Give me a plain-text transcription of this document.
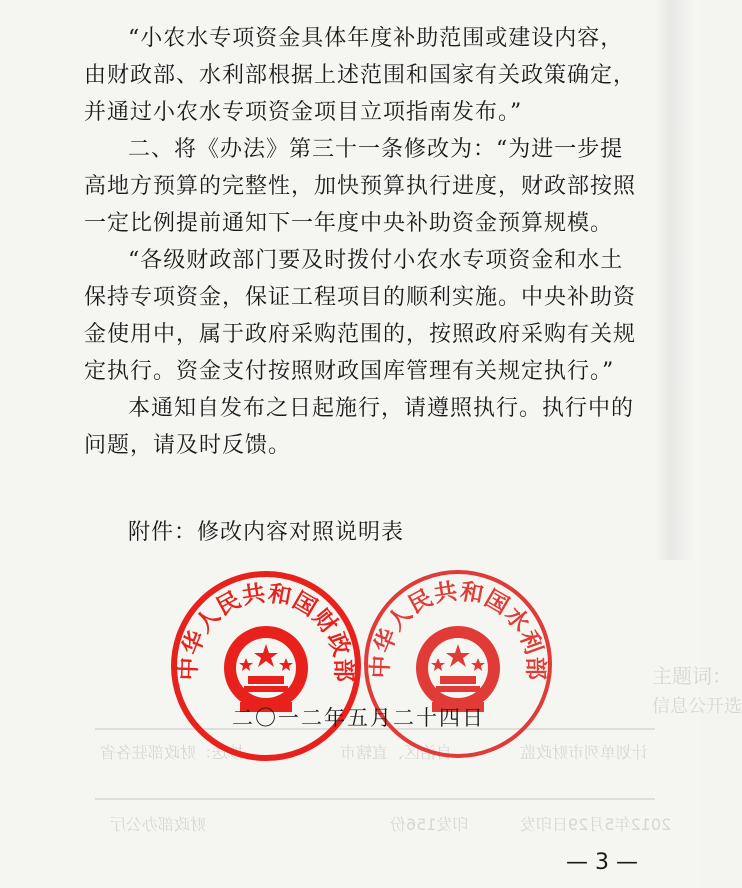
主题词：
信息公开选
抄送：财政部驻各省	自治区、直辖市	计划单列市财政监
财政部办公厅	印发156份	2012年5月29日印发

“小农水专项资金具体年度补助范围或建设内容，由财政部、水利部根据上述范围和国家有关政策确定，并通过小农水专项资金项目立项指南发布。”

二、将《办法》第三十一条修改为：“为进一步提高地方预算的完整性，加快预算执行进度，财政部按照一定比例提前通知下一年度中央补助资金预算规模。

“各级财政部门要及时拨付小农水专项资金和水土保持专项资金，保证工程项目的顺利实施。中央补助资金使用中，属于政府采购范围的，按照政府采购有关规定执行。资金支付按照财政国库管理有关规定执行。”

本通知自发布之日起施行，请遵照执行。执行中的问题，请及时反馈。

附件：修改内容对照说明表

中华人民共和国财政部 中华人民共和国水利部
二〇一二年五月二十四日
— 3 —
